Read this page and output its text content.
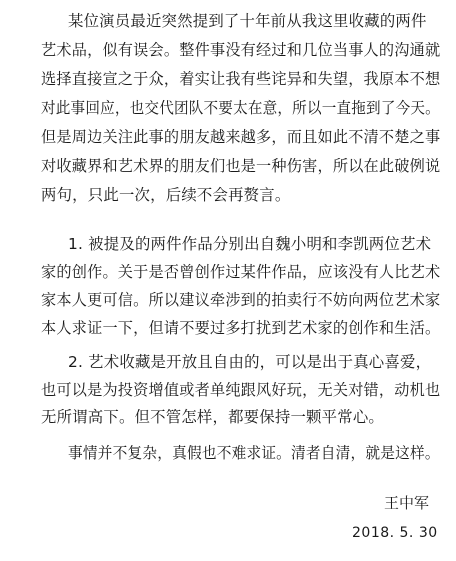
某位演员最近突然提到了十年前从我这里收藏的两件
艺术品，似有误会。整件事没有经过和几位当事人的沟通就
选择直接宣之于众，着实让我有些诧异和失望，我原本不想
对此事回应，也交代团队不要太在意，所以一直拖到了今天。
但是周边关注此事的朋友越来越多，而且如此不清不楚之事
对收藏界和艺术界的朋友们也是一种伤害，所以在此破例说
两句，只此一次，后续不会再赘言。
1. 被提及的两件作品分别出自魏小明和李凯两位艺术
家的创作。关于是否曾创作过某件作品，应该没有人比艺术
家本人更可信。所以建议牵涉到的拍卖行不妨向两位艺术家
本人求证一下，但请不要过多打扰到艺术家的创作和生活。
2. 艺术收藏是开放且自由的，可以是出于真心喜爱，
也可以是为投资增值或者单纯跟风好玩，无关对错，动机也
无所谓高下。但不管怎样，都要保持一颗平常心。
事情并不复杂，真假也不难求证。清者自清，就是这样。
王中军
2018. 5. 30
